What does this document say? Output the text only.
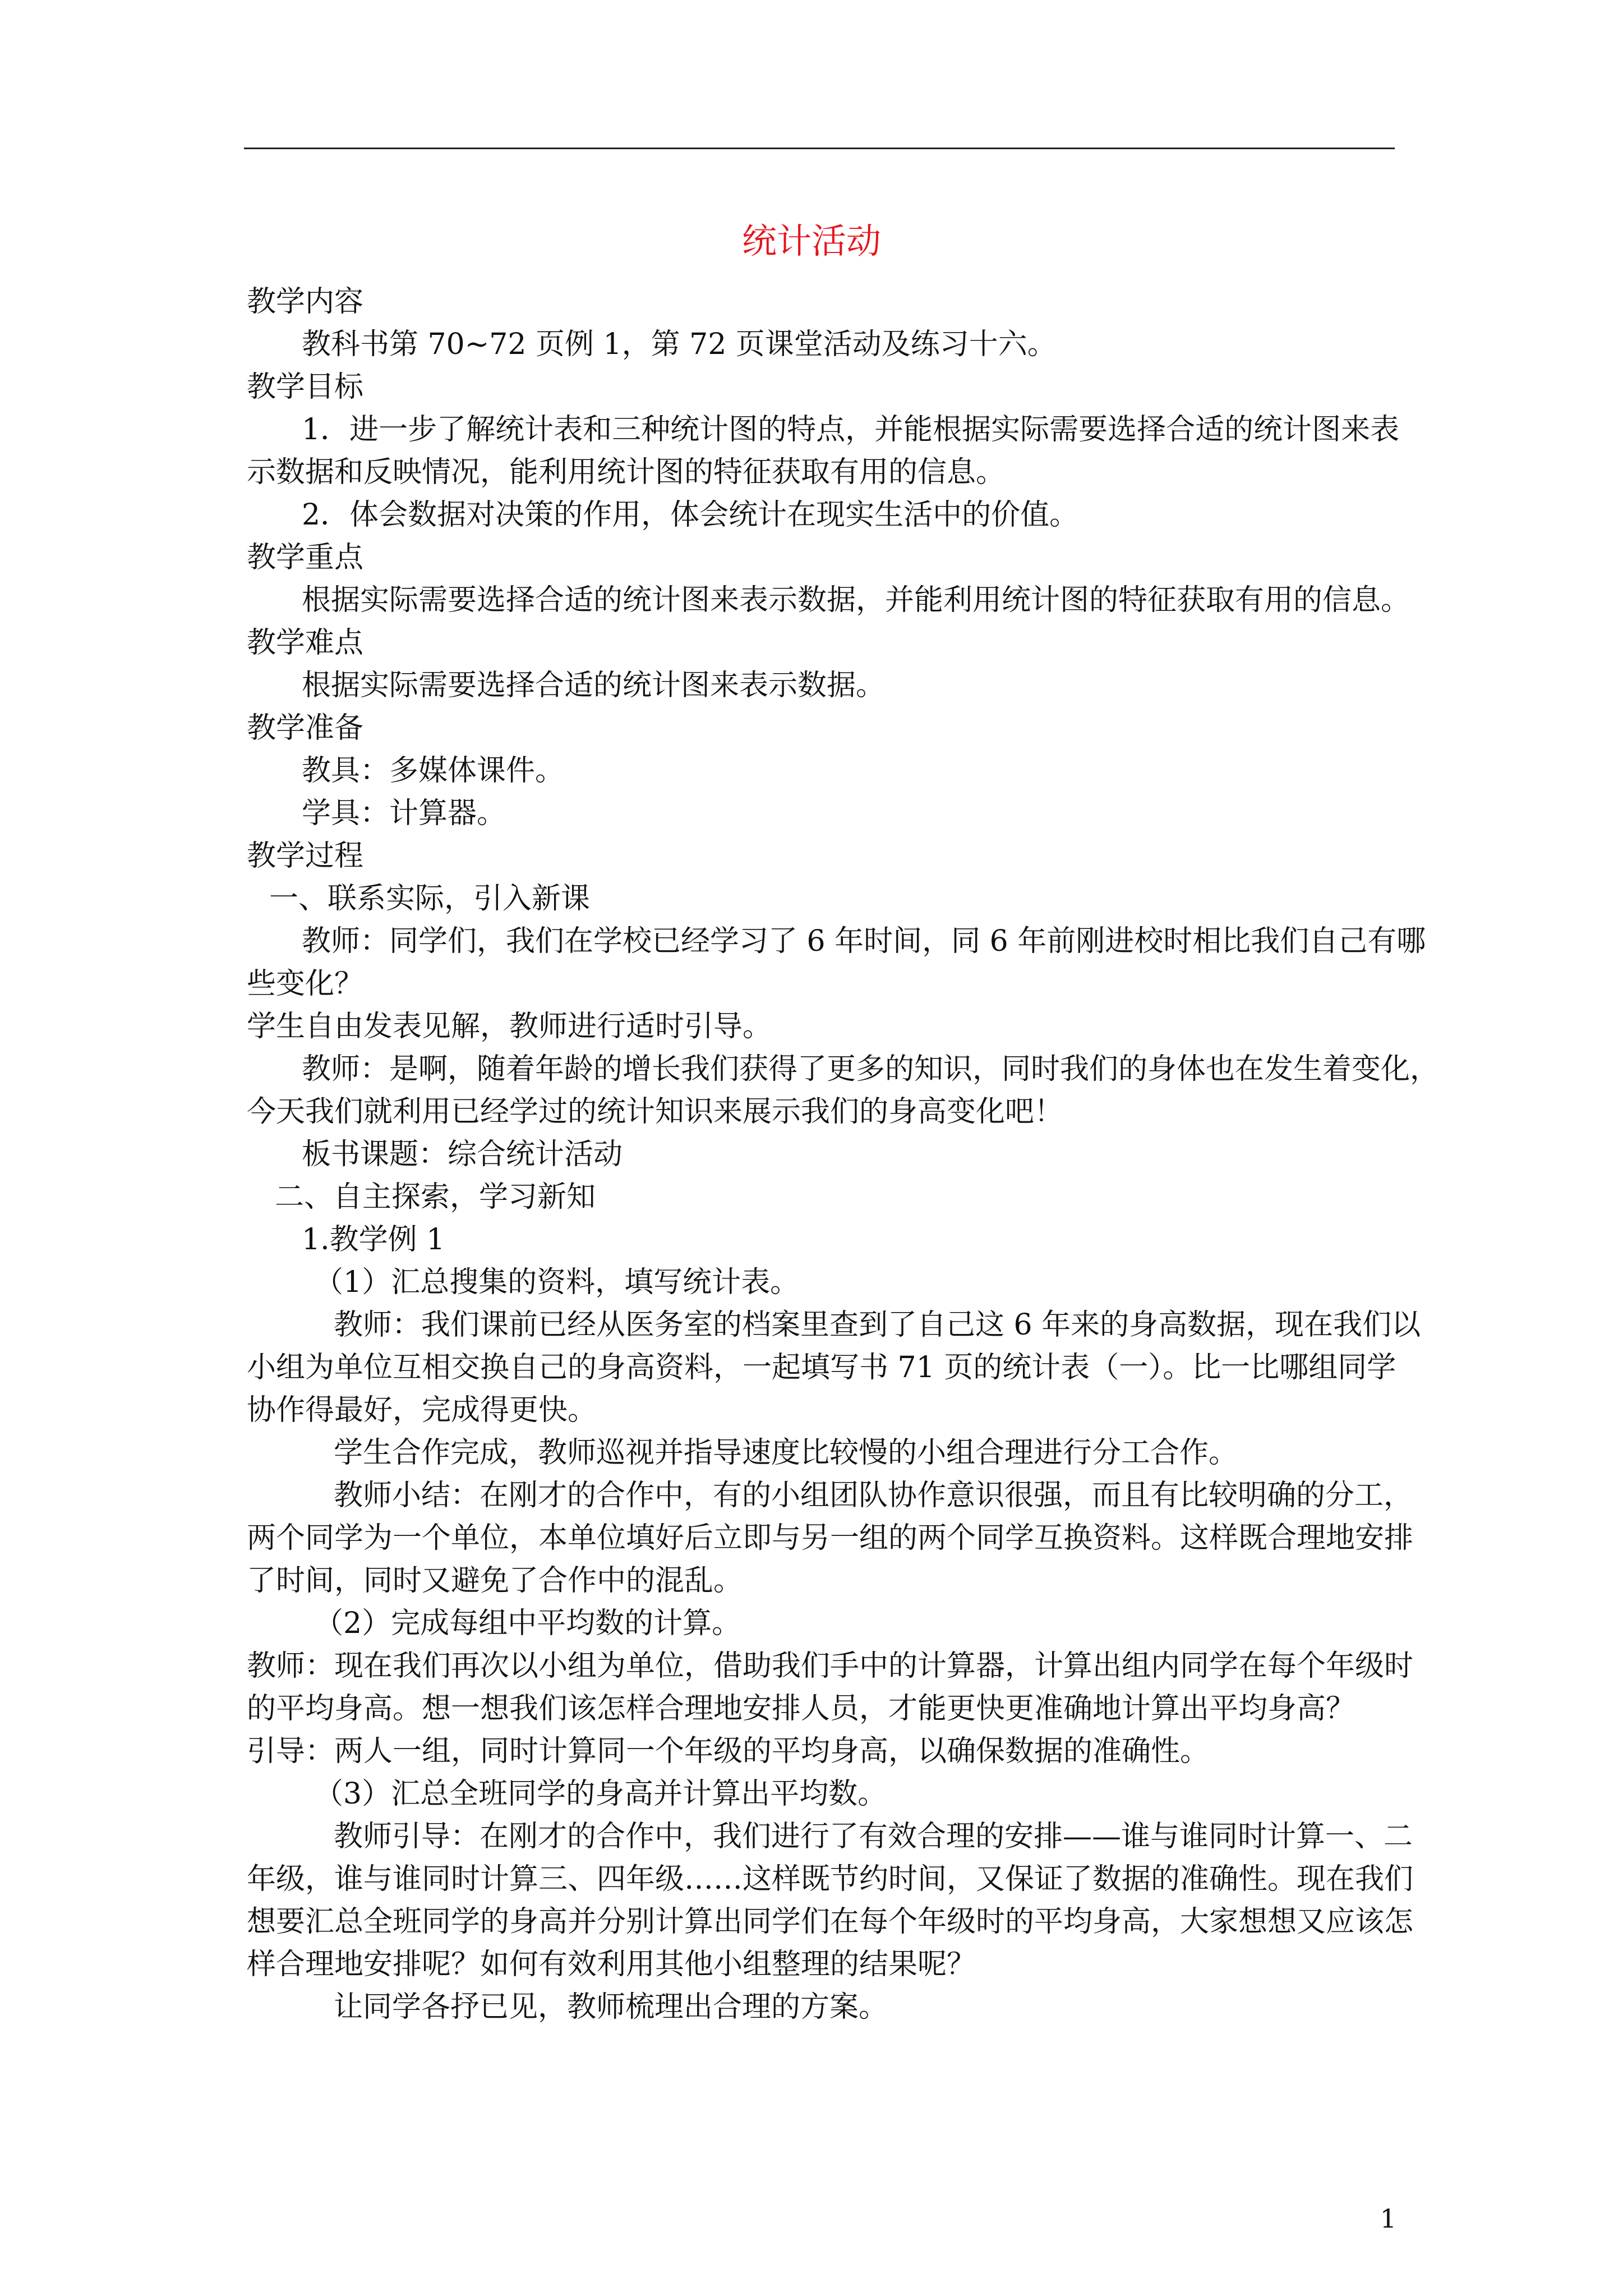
统计活动
教学内容
教科书第 70~72 页例 1，第 72 页课堂活动及练习十六。
教学目标
1．进一步了解统计表和三种统计图的特点，并能根据实际需要选择合适的统计图来表
示数据和反映情况，能利用统计图的特征获取有用的信息。
2．体会数据对决策的作用，体会统计在现实生活中的价值。
教学重点
根据实际需要选择合适的统计图来表示数据，并能利用统计图的特征获取有用的信息。
教学难点
根据实际需要选择合适的统计图来表示数据。
教学准备
教具：多媒体课件。
学具：计算器。
教学过程
一、联系实际，引入新课
教师：同学们，我们在学校已经学习了 6 年时间，同 6 年前刚进校时相比我们自己有哪
些变化？
学生自由发表见解，教师进行适时引导。
教师：是啊，随着年龄的增长我们获得了更多的知识，同时我们的身体也在发生着变化，
今天我们就利用已经学过的统计知识来展示我们的身高变化吧！
板书课题：综合统计活动
二、自主探索，学习新知
1.教学例 1
（1）汇总搜集的资料，填写统计表。
教师：我们课前已经从医务室的档案里查到了自己这 6 年来的身高数据，现在我们以
小组为单位互相交换自己的身高资料，一起填写书 71 页的统计表（一）。比一比哪组同学
协作得最好，完成得更快。
学生合作完成，教师巡视并指导速度比较慢的小组合理进行分工合作。
教师小结：在刚才的合作中，有的小组团队协作意识很强，而且有比较明确的分工，
两个同学为一个单位，本单位填好后立即与另一组的两个同学互换资料。这样既合理地安排
了时间，同时又避免了合作中的混乱。
（2）完成每组中平均数的计算。
教师：现在我们再次以小组为单位，借助我们手中的计算器，计算出组内同学在每个年级时
的平均身高。想一想我们该怎样合理地安排人员，才能更快更准确地计算出平均身高？
引导：两人一组，同时计算同一个年级的平均身高，以确保数据的准确性。
（3）汇总全班同学的身高并计算出平均数。
教师引导：在刚才的合作中，我们进行了有效合理的安排——谁与谁同时计算一、二
年级，谁与谁同时计算三、四年级……这样既节约时间，又保证了数据的准确性。现在我们
想要汇总全班同学的身高并分别计算出同学们在每个年级时的平均身高，大家想想又应该怎
样合理地安排呢？如何有效利用其他小组整理的结果呢？
让同学各抒已见，教师梳理出合理的方案。
1
